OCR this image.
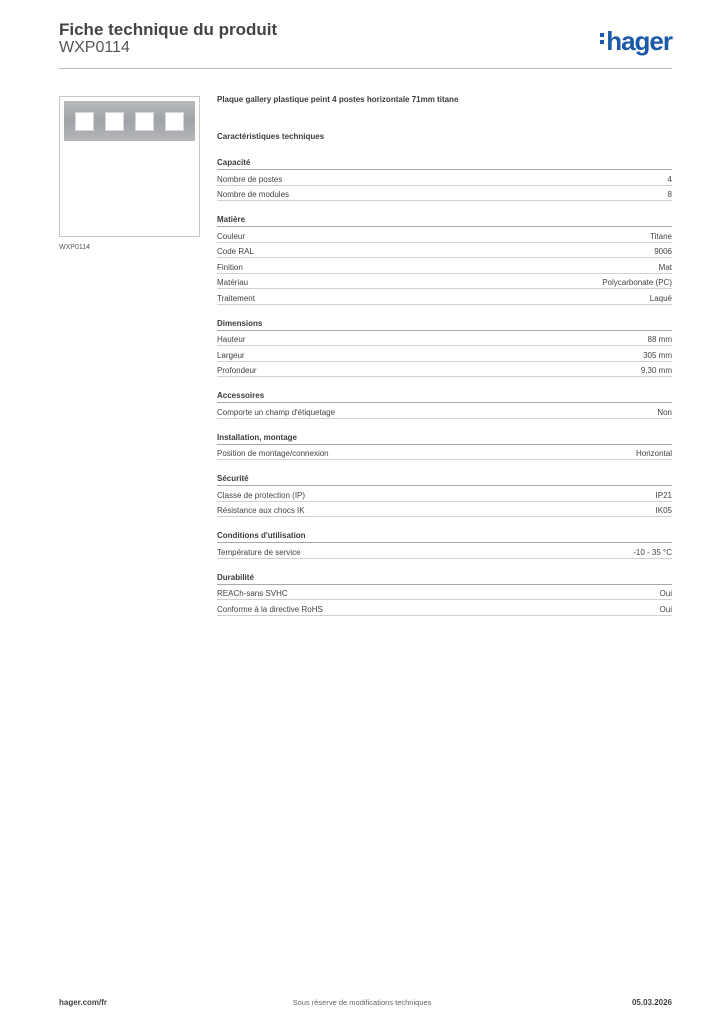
Fiche technique du produit
WXP0114	hager
WXP0114
Plaque gallery plastique peint 4 postes horizontale 71mm titane
Caractéristiques techniques
Capacité
Nombre de postes	4
Nombre de modules	8
Matière
Couleur	Titane
Code RAL	9006
Finition	Mat
Matériau	Polycarbonate (PC)
Traitement	Laqué
Dimensions
Hauteur	88 mm
Largeur	305 mm
Profondeur	9,30 mm
Accessoires
Comporte un champ d'étiquetage	Non
Installation, montage
Position de montage/connexion	Horizontal
Sécurité
Classe de protection (IP)	IP21
Résistance aux chocs IK	IK05
Conditions d'utilisation
Température de service	-10 - 35 °C
Durabilité
REACh-sans SVHC	Oui
Conforme à la directive RoHS	Oui
hager.com/fr	Sous réserve de modifications techniques	05.03.2026
